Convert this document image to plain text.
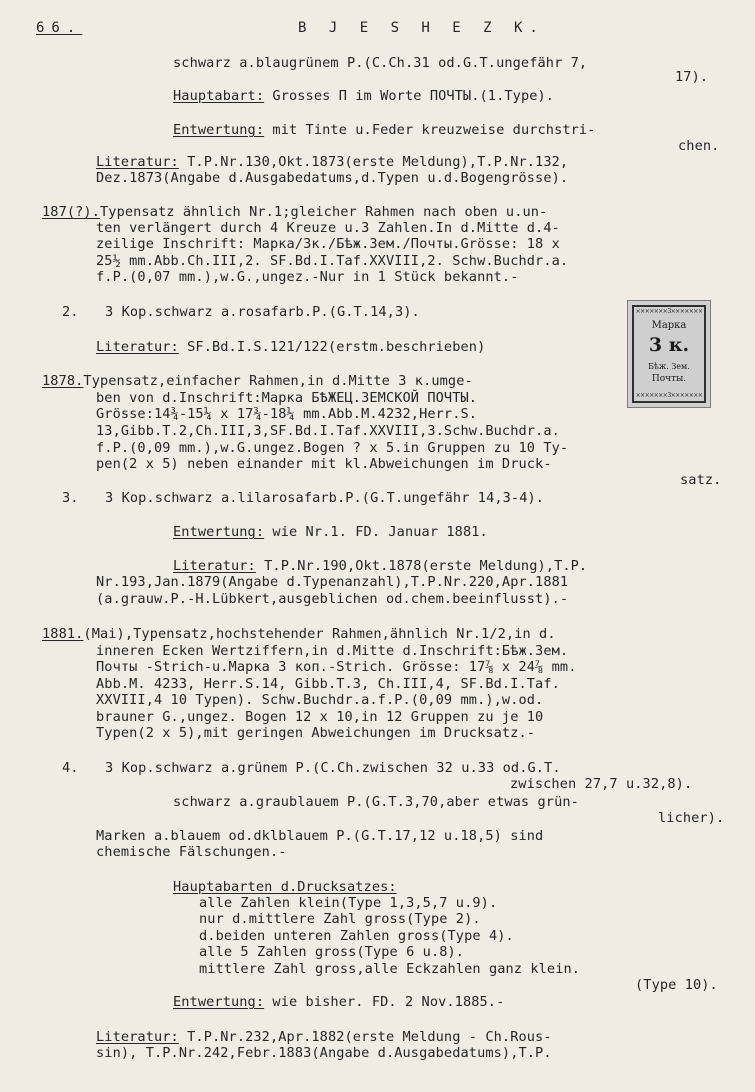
66.	B J E S H E Z K.
schwarz a.blaugrünem P.(C.Ch.31 od.G.T.ungefähr 7,
17).
Hauptabart: Grosses П im Worte ПОЧТЫ.(1.Type).
Entwertung: mit Tinte u.Feder kreuzweise durchstri-
chen.
Literatur: T.P.Nr.130,Okt.1873(erste Meldung),T.P.Nr.132,
Dez.1873(Angabe d.Ausgabedatums,d.Typen u.d.Bogengrösse).
187(?).Typensatz ähnlich Nr.1;gleicher Rahmen nach oben u.un-
ten verlängert durch 4 Kreuze u.3 Zahlen.In d.Mitte d.4-
zeilige Inschrift: Марка/3к./Бѣж.Зем./Почты.Grösse: 18 x
25½ mm.Abb.Ch.III,2. SF.Bd.I.Taf.XXVIII,2. Schw.Buchdr.a.
f.P.(0,07 mm.),w.G.,ungez.-Nur in 1 Stück bekannt.-
2. 3 Kop.schwarz a.rosafarb.P.(G.T.14,3).
Literatur: SF.Bd.I.S.121/122(erstm.beschrieben)
1878.Typensatz,einfacher Rahmen,in d.Mitte 3 к.umge-
ben von d.Inschrift:Марка БѢЖЕЦ.ЗЕМСКОЙ ПОЧТЫ.
Grösse:14¾-15¼ x 17¾-18¼ mm.Abb.M.4232,Herr.S.
13,Gibb.T.2,Ch.III,3,SF.Bd.I.Taf.XXVIII,3.Schw.Buchdr.a.
f.P.(0,09 mm.),w.G.ungez.Bogen ? x 5.in Gruppen zu 10 Ty-
pen(2 x 5) neben einander mit kl.Abweichungen im Druck-
satz.
3. 3 Kop.schwarz a.lilarosafarb.P.(G.T.ungefähr 14,3-4).
Entwertung: wie Nr.1. FD. Januar 1881.
Literatur: T.P.Nr.190,Okt.1878(erste Meldung),T.P.
Nr.193,Jan.1879(Angabe d.Typenanzahl),T.P.Nr.220,Apr.1881
(a.grauw.P.-H.Lübkert,ausgeblichen od.chem.beeinflusst).-
1881.(Mai),Typensatz,hochstehender Rahmen,ähnlich Nr.1/2,in d.
inneren Ecken Wertziffern,in d.Mitte d.Inschrift:Бѣж.Зем.
Почты -Strich-u.Марка 3 коп.-Strich. Grösse: 17⅞ x 24⅞ mm.
Abb.M. 4233, Herr.S.14, Gibb.T.3, Ch.III,4, SF.Bd.I.Taf.
XXVIII,4 10 Typen). Schw.Buchdr.a.f.P.(0,09 mm.),w.od.
brauner G.,ungez. Bogen 12 x 10,in 12 Gruppen zu je 10
Typen(2 x 5),mit geringen Abweichungen im Drucksatz.-
4. 3 Kop.schwarz a.grünem P.(C.Ch.zwischen 32 u.33 od.G.T.
zwischen 27,7 u.32,8).
schwarz a.graublauem P.(G.T.3,70,aber etwas grün-
licher).
Marken a.blauem od.dklblauem P.(G.T.17,12 u.18,5) sind
chemische Fälschungen.-
Hauptabarten d.Drucksatzes:
alle Zahlen klein(Type 1,3,5,7 u.9).
nur d.mittlere Zahl gross(Type 2).
d.beiden unteren Zahlen gross(Type 4).
alle 5 Zahlen gross(Type 6 u.8).
mittlere Zahl gross,alle Eckzahlen ganz klein.
(Type 10).
Entwertung: wie bisher. FD. 2 Nov.1885.-
Literatur: T.P.Nr.232,Apr.1882(erste Meldung - Ch.Rous-
sin), T.P.Nr.242,Febr.1883(Angabe d.Ausgabedatums),T.P.
×××××××3×××××××
Марка
3 к.
Бѣж. Зем.
Почты.
×××××××3×××××××
